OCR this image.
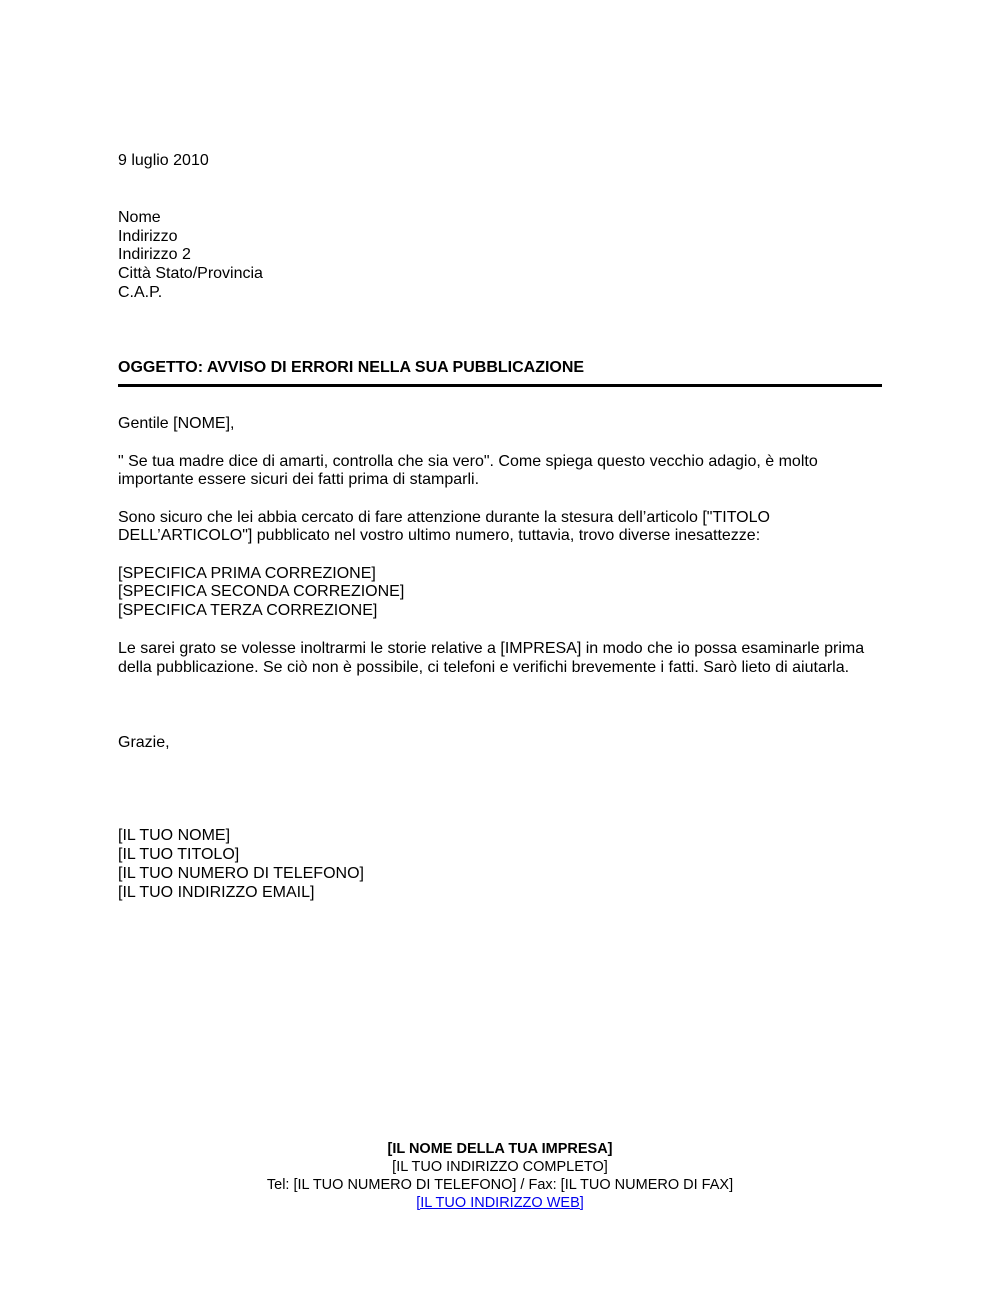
9 luglio 2010
Nome
Indirizzo
Indirizzo 2
Città Stato/Provincia
C.A.P.
OGGETTO: AVVISO DI ERRORI NELLA SUA PUBBLICAZIONE
Gentile [NOME],
" Se tua madre dice di amarti, controlla che sia vero". Come spiega questo vecchio adagio, è molto
importante essere sicuri dei fatti prima di stamparli.
Sono sicuro che lei abbia cercato di fare attenzione durante la stesura dell’articolo ["TITOLO
DELL’ARTICOLO"] pubblicato nel vostro ultimo numero, tuttavia, trovo diverse inesattezze:
[SPECIFICA PRIMA CORREZIONE]
[SPECIFICA SECONDA CORREZIONE]
[SPECIFICA TERZA CORREZIONE]
Le sarei grato se volesse inoltrarmi le storie relative a [IMPRESA] in modo che io possa esaminarle prima
della pubblicazione. Se ciò non è possibile, ci telefoni e verifichi brevemente i fatti. Sarò lieto di aiutarla.
Grazie,
[IL TUO NOME]
[IL TUO TITOLO]
[IL TUO NUMERO DI TELEFONO]
[IL TUO INDIRIZZO EMAIL]
[IL NOME DELLA TUA IMPRESA]
[IL TUO INDIRIZZO COMPLETO]
Tel: [IL TUO NUMERO DI TELEFONO] / Fax: [IL TUO NUMERO DI FAX]
[IL TUO INDIRIZZO WEB]
